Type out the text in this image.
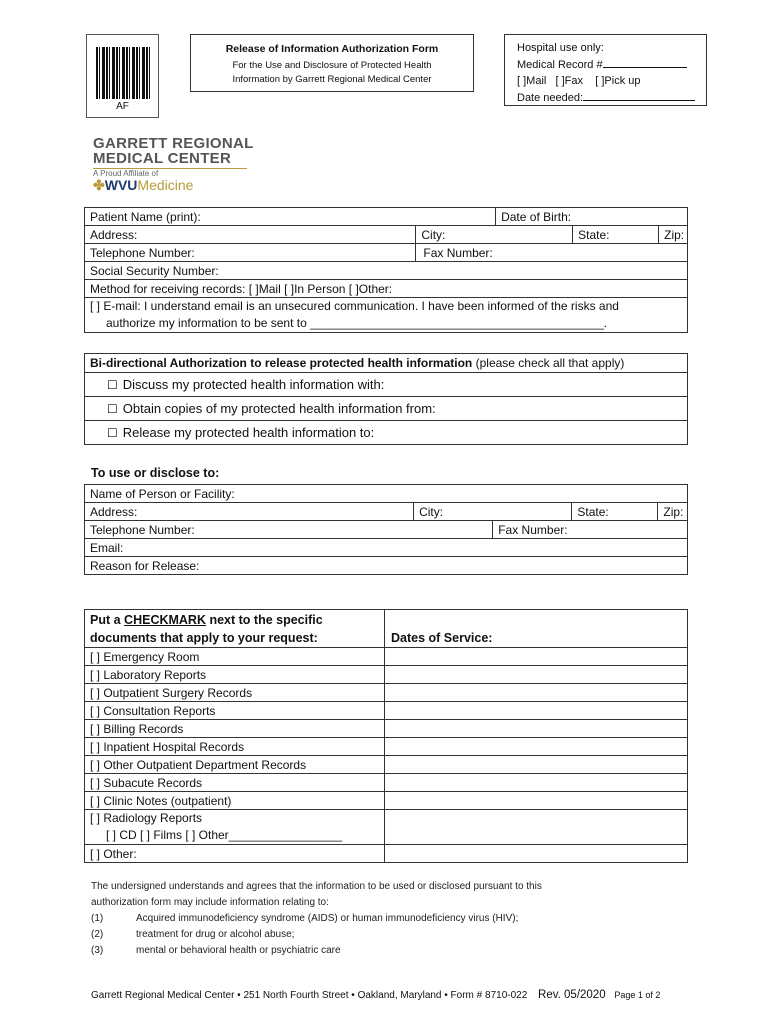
AF
Release of Information Authorization Form
For the Use and Disclosure of Protected Health
Information by Garrett Regional Medical Center
Hospital use only:
Medical Record #
[ ]Mail [ ]Fax [ ]Pick up
Date needed:
GARRETT REGIONAL
MEDICAL CENTER
A Proud Affiliate of
✤WVUMedicine
Patient Name (print):		Date of Birth:		
Address:	City:		State:	Zip:
Telephone Number:	Fax Number:			
Social Security Number:				
Method for receiving records: [ ]Mail [ ]In Person [ ]Other:				

[ ] E-mail: I understand email is an unsecured communication. I have been informed of the risks and
authorize my information to be sent to ____________________________________________.				
Bi-directional Authorization to release protected health information (please check all that apply)
☐ Discuss my protected health information with:
☐ Obtain copies of my protected health information from:
☐ Release my protected health information to:
To use or disclose to:
Name of Person or Facility:				
Address:	City:		State:	Zip:
Telephone Number:		Fax Number:		
Email:				
Reason for Release:				
Put a CHECKMARK next to the specific
documents that apply to your request:	Dates of Service:
[ ] Emergency Room	
[ ] Laboratory Reports	
[ ] Outpatient Surgery Records	
[ ] Consultation Reports	
[ ] Billing Records	
[ ] Inpatient Hospital Records	
[ ] Other Outpatient Department Records	
[ ] Subacute Records	
[ ] Clinic Notes (outpatient)	

[ ] Radiology Reports
[ ] CD [ ] Films [ ] Other_________________	

[ ] Other:	
The undersigned understands and agrees that the information to be used or disclosed pursuant to this
authorization form may include information relating to:
(1)	Acquired immunodeficiency syndrome (AIDS) or human immunodeficiency virus (HIV);
(2)	treatment for drug or alcohol abuse;
(3)	mental or behavioral health or psychiatric care
Garrett Regional Medical Center • 251 North Fourth Street • Oakland, Maryland • Form # 8710-022 Rev. 05/2020 Page 1 of 2
